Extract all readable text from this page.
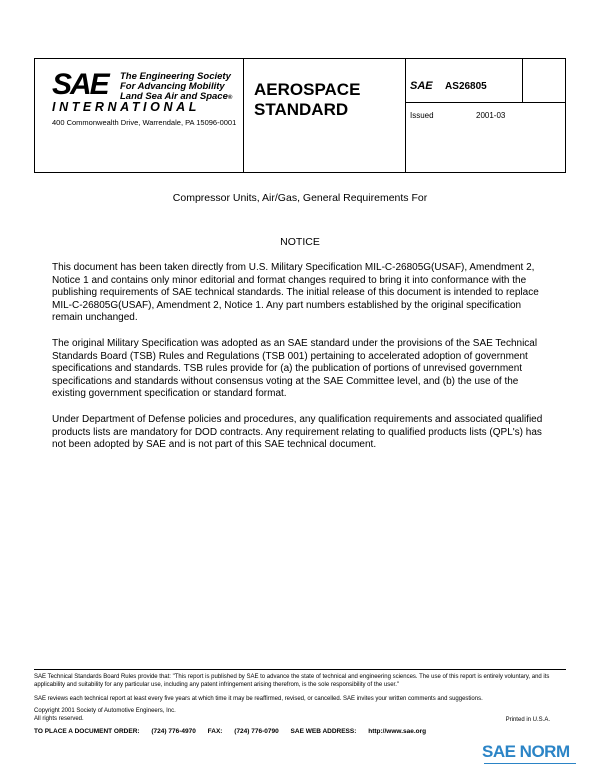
SAE The Engineering Society
For Advancing Mobility
Land Sea Air and Space®
INTERNATIONAL
400 Commonwealth Drive, Warrendale, PA 15096-0001
AEROSPACE
STANDARD
SAE AS26805
Issued	2001-03
Compressor Units, Air/Gas, General Requirements For
NOTICE
This document has been taken directly from U.S. Military Specification MIL-C-26805G(USAF), Amendment 2, Notice 1 and contains only minor editorial and format changes required to bring it into conformance with the publishing requirements of SAE technical standards. The initial release of this document is intended to replace MIL-C-26805G(USAF), Amendment 2, Notice 1. Any part numbers established by the original specification remain unchanged.
The original Military Specification was adopted as an SAE standard under the provisions of the SAE Technical Standards Board (TSB) Rules and Regulations (TSB 001) pertaining to accelerated adoption of government specifications and standards. TSB rules provide for (a) the publication of portions of unrevised government specifications and standards without consensus voting at the SAE Committee level, and (b) the use of the existing government specification or standard format.
Under Department of Defense policies and procedures, any qualification requirements and associated qualified products lists are mandatory for DOD contracts. Any requirement relating to qualified products lists (QPL's) has not been adopted by SAE and is not part of this SAE technical document.
SAE Technical Standards Board Rules provide that: "This report is published by SAE to advance the state of technical and engineering sciences. The use of this report is entirely voluntary, and its applicability and suitability for any particular use, including any patent infringement arising therefrom, is the sole responsibility of the user."
SAE reviews each technical report at least every five years at which time it may be reaffirmed, revised, or cancelled. SAE invites your written comments and suggestions.
Copyright 2001 Society of Automotive Engineers, Inc.
All rights reserved.	Printed in U.S.A.
TO PLACE A DOCUMENT ORDER: (724) 776-4970 FAX: (724) 776-0790 SAE WEB ADDRESS: http://www.sae.org
SAE NORM
